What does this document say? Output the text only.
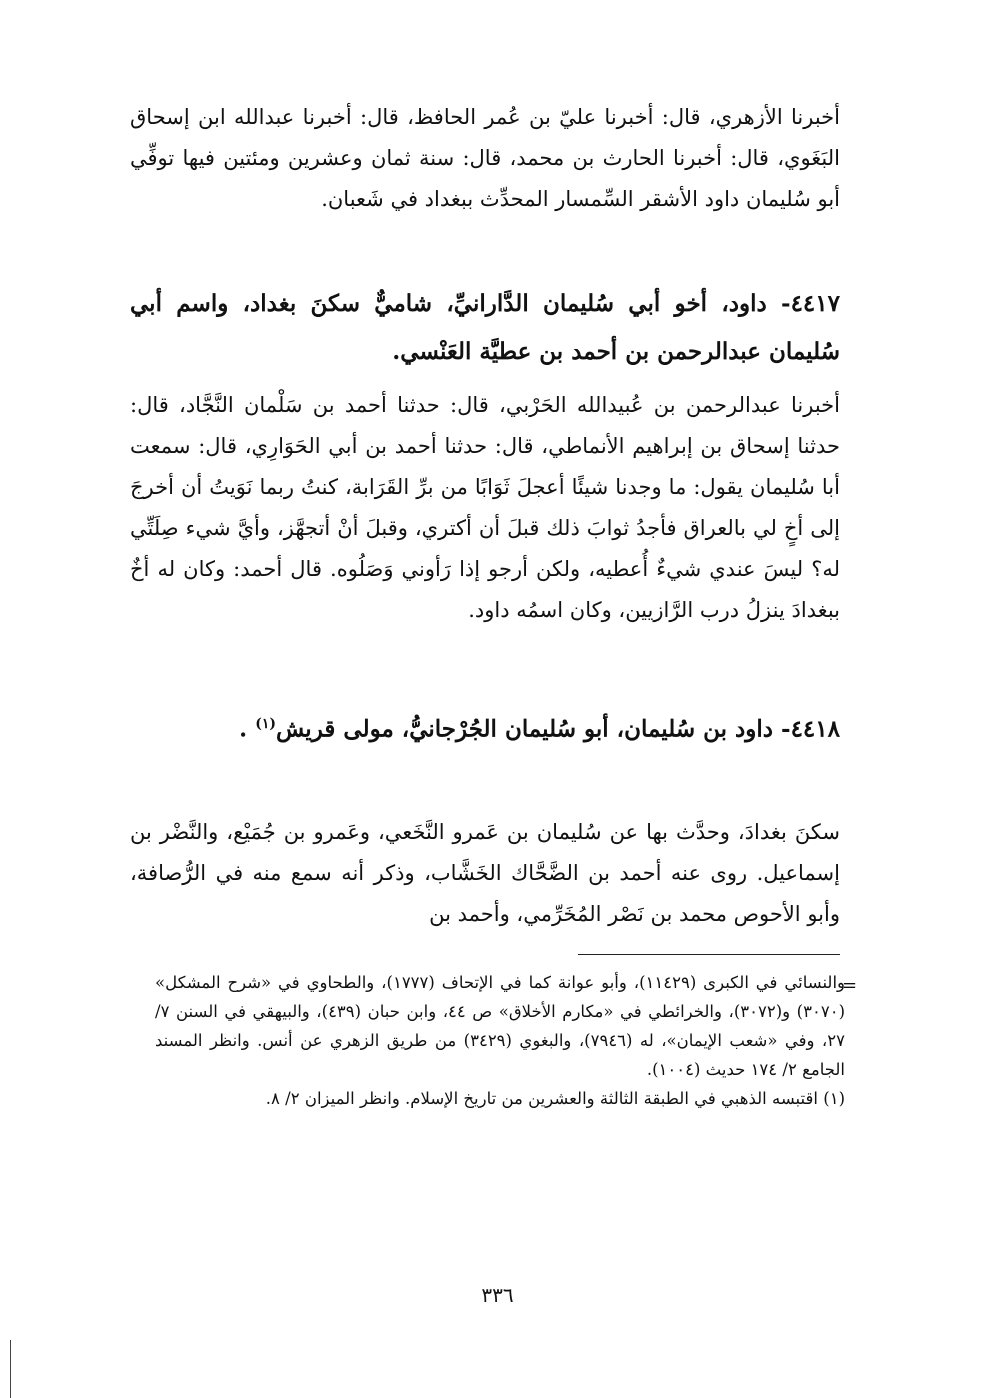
أخبرنا الأزهري، قال: أخبرنا عليّ بن عُمر الحافظ، قال: أخبرنا عبدالله ابن إسحاق البَغَوي، قال: أخبرنا الحارث بن محمد، قال: سنة ثمان وعشرين ومئتين فيها توفِّي أبو سُليمان داود الأشقر السِّمسار المحدِّث ببغداد في شَعبان.

٤٤١٧- داود، أخو أبي سُليمان الدَّارانيِّ، شاميٌّ سكنَ بغداد، واسم أبي سُليمان عبدالرحمن بن أحمد بن عطيَّة العَنْسي.

أخبرنا عبدالرحمن بن عُبيدالله الحَرْبي، قال: حدثنا أحمد بن سَلْمان النَّجَّاد، قال: حدثنا إسحاق بن إبراهيم الأنماطي، قال: حدثنا أحمد بن أبي الحَوَارِي، قال: سمعت أبا سُليمان يقول: ما وجدنا شيئًا أعجلَ ثَوَابًا من برِّ القَرَابة، كنتُ ربما نَوَيتُ أن أخرجَ إلى أخٍ لي بالعراق فأجدُ ثوابَ ذلك قبلَ أن أكتري، وقبلَ أنْ أتجهَّز، وأيَّ شيء صِلَتِّي له؟ ليسَ عندي شيءٌ أُعطيه، ولكن أرجو إذا رَأوني وَصَلُوه. قال أحمد: وكان له أخٌ ببغدادَ ينزلُ درب الرَّازيين، وكان اسمُه داود.

٤٤١٨- داود بن سُليمان، أبو سُليمان الجُرْجانيُّ، مولى قريش$^{(١)}$ .

سكنَ بغدادَ، وحدَّث بها عن سُليمان بن عَمرو النَّخَعي، وعَمرو بن جُمَيْع، والنَّضْر بن إسماعيل. روى عنه أحمد بن الضَّحَّاك الخَشَّاب، وذكر أنه سمع منه في الرُّصافة، وأبو الأحوص محمد بن نَصْر المُخَرِّمي، وأحمد بن

=

والنسائي في الكبرى (١١٤٢٩)، وأبو عوانة كما في الإتحاف (١٧٧٧)، والطحاوي في «شرح المشكل» (٣٠٧٠) و(٣٠٧٢)، والخرائطي في «مكارم الأخلاق» ص ٤٤، وابن حبان (٤٣٩)، والبيهقي في السنن ٧/ ٢٧، وفي «شعب الإيمان»، له (٧٩٤٦)، والبغوي (٣٤٢٩) من طريق الزهري عن أنس. وانظر المسند الجامع ٢/ ١٧٤ حديث (١٠٠٤).

(١) اقتبسه الذهبي في الطبقة الثالثة والعشرين من تاريخ الإسلام. وانظر الميزان ٢/ ٨.

٣٣٦
